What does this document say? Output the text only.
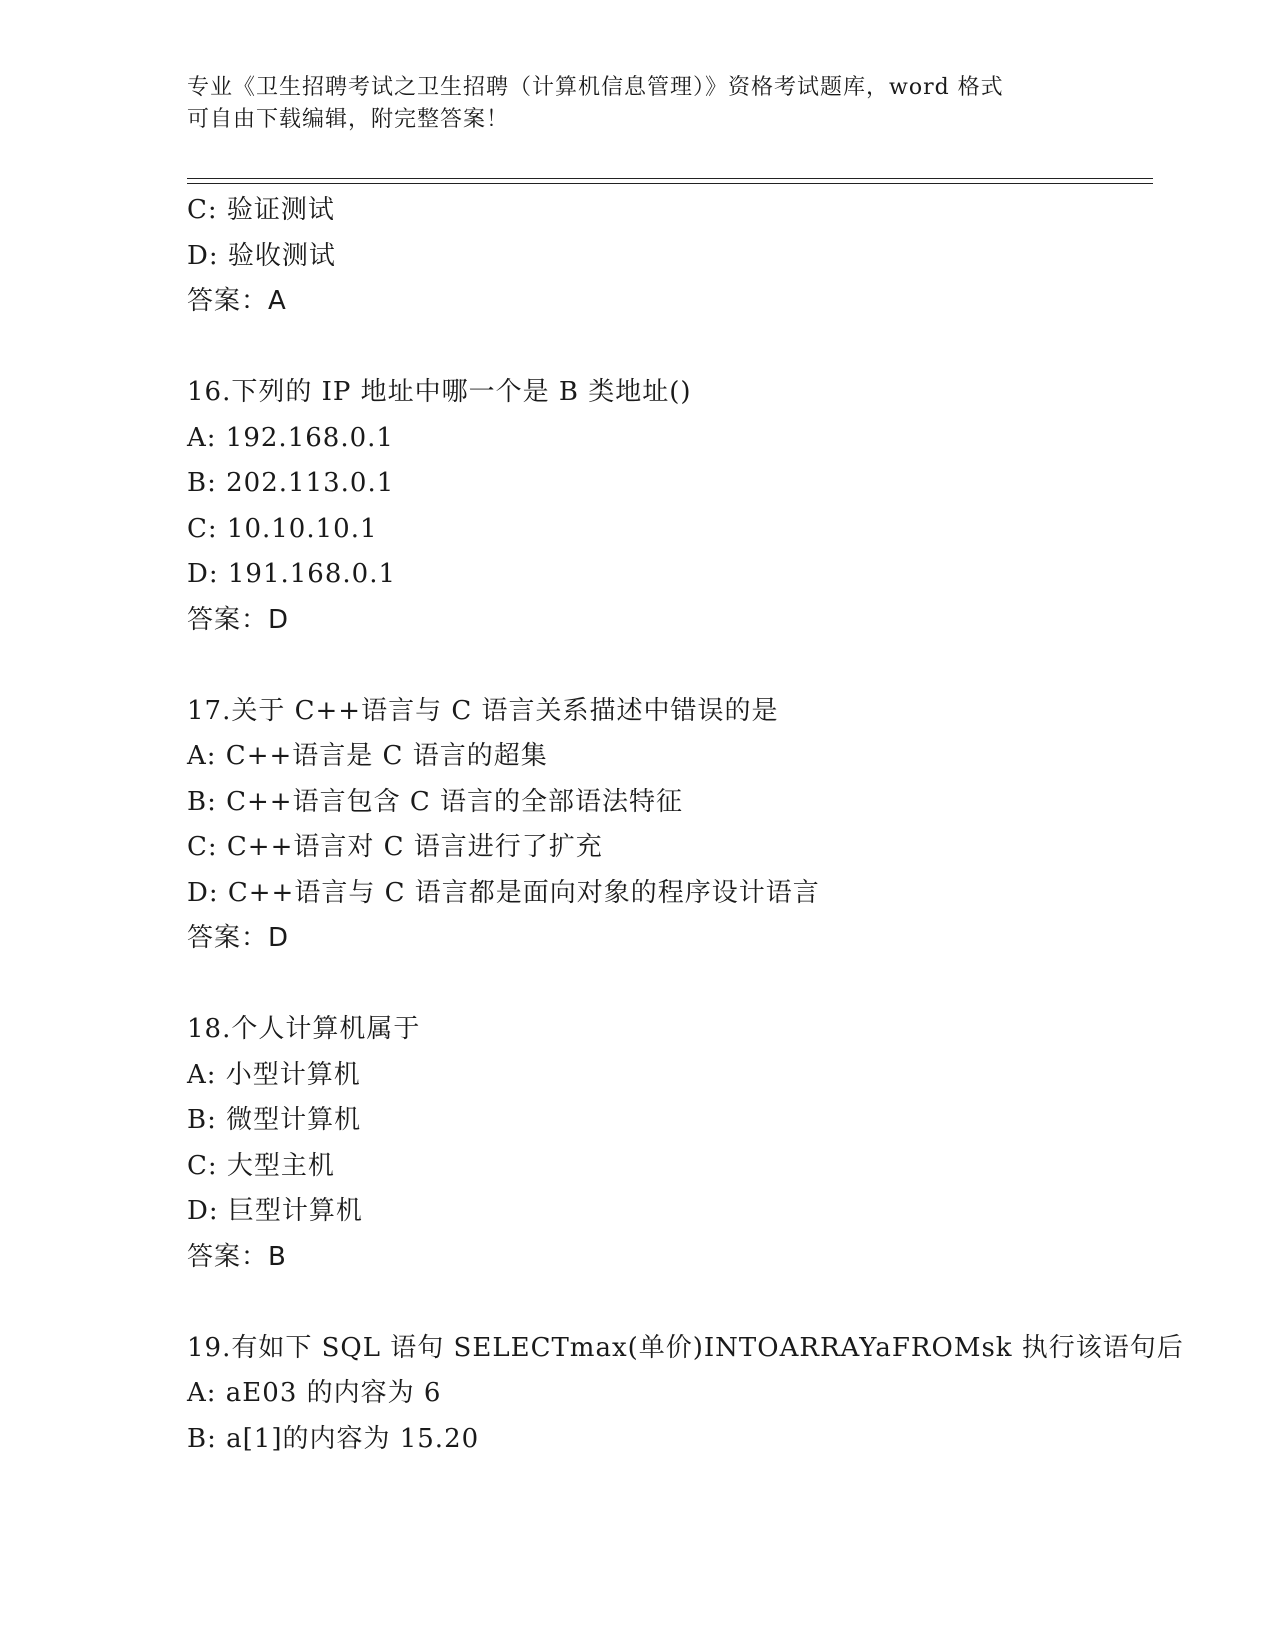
专业《卫生招聘考试之卫生招聘（计算机信息管理）》资格考试题库，word 格式
可自由下载编辑，附完整答案！
C: 验证测试
D: 验收测试
答案：A
16.下列的 IP 地址中哪一个是 B 类地址()
A: 192.168.0.1
B: 202.113.0.1
C: 10.10.10.1
D: 191.168.0.1
答案：D
17.关于 C++语言与 C 语言关系描述中错误的是
A: C++语言是 C 语言的超集
B: C++语言包含 C 语言的全部语法特征
C: C++语言对 C 语言进行了扩充
D: C++语言与 C 语言都是面向对象的程序设计语言
答案：D
18.个人计算机属于
A: 小型计算机
B: 微型计算机
C: 大型主机
D: 巨型计算机
答案：B
19.有如下 SQL 语句 SELECTmax(单价)INTOARRAYaFROMsk 执行该语句后
A: aE03 的内容为 6
B: a[1]的内容为 15.20
